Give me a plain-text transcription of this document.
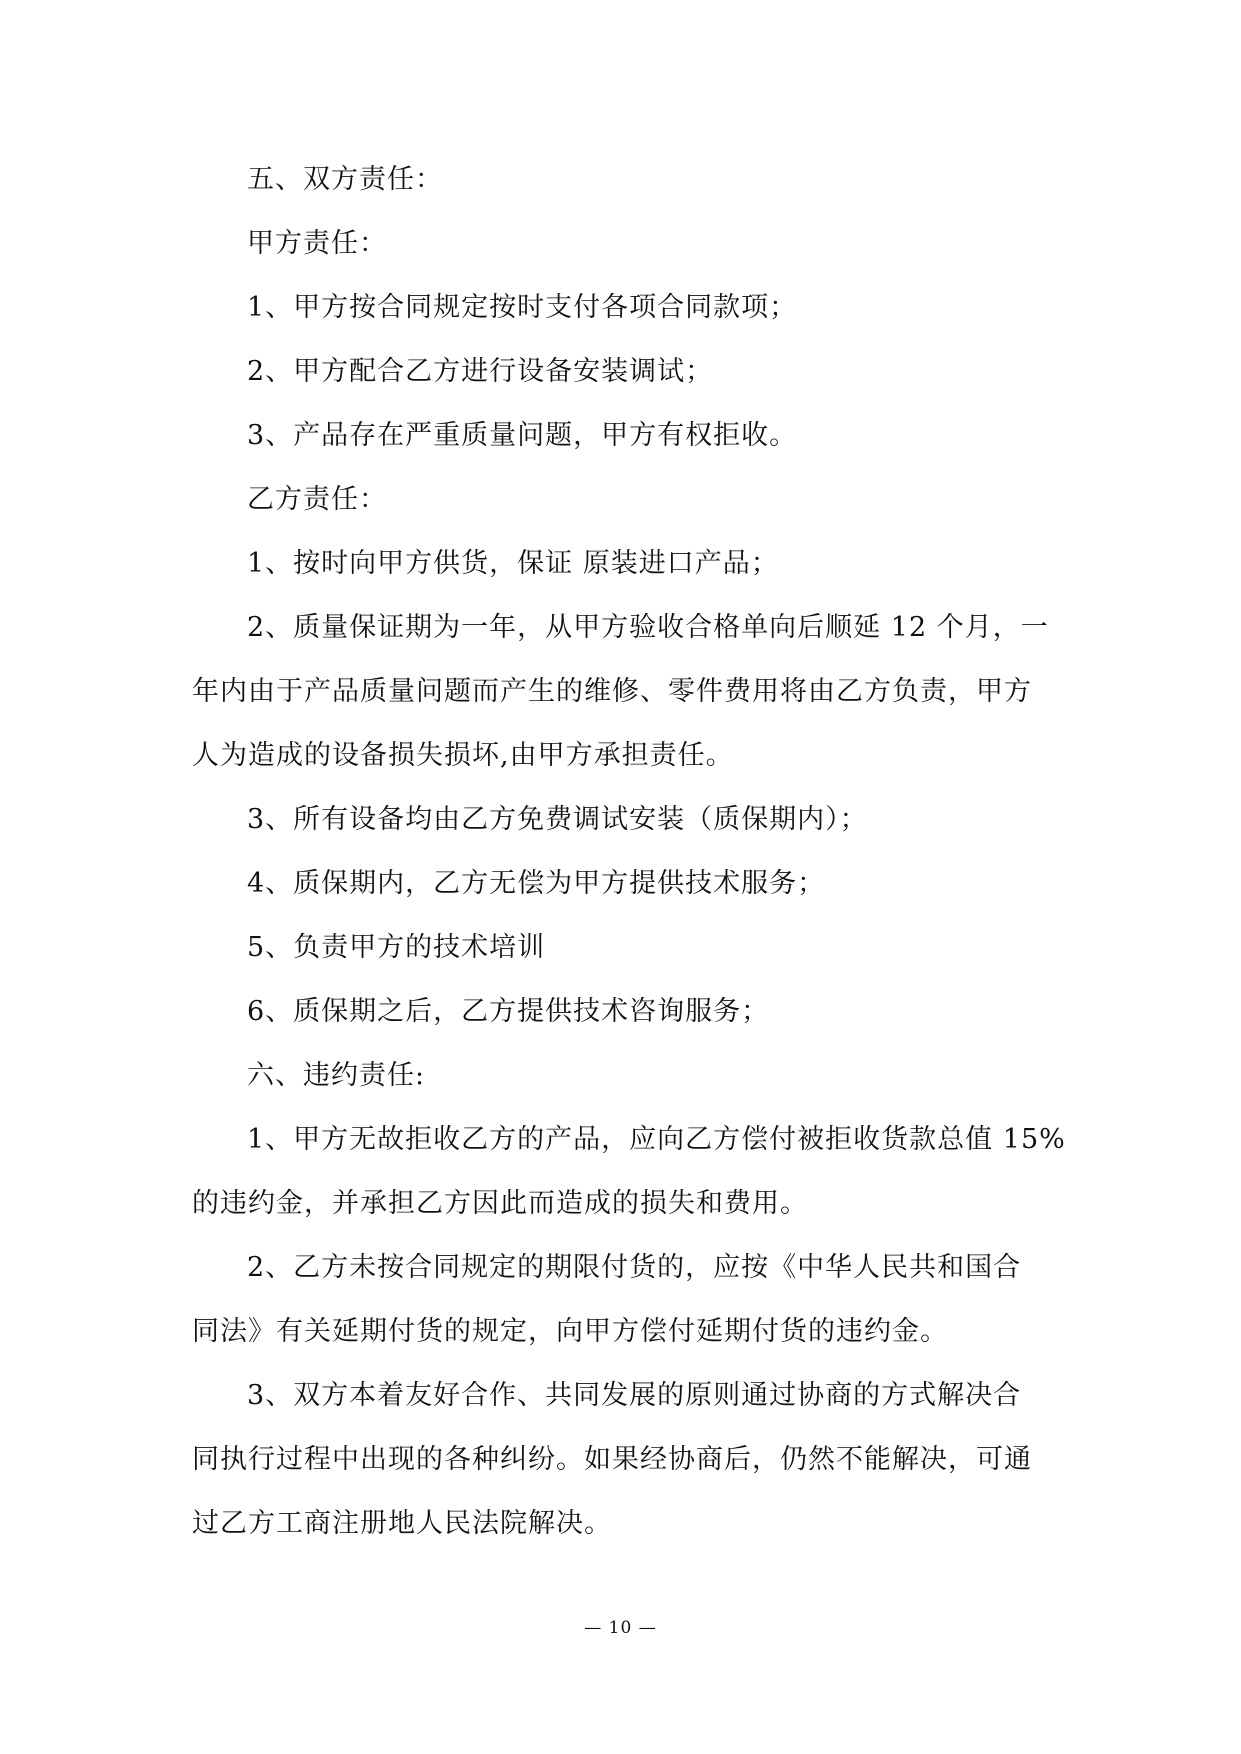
五、双方责任：

甲方责任：

1、甲方按合同规定按时支付各项合同款项；

2、甲方配合乙方进行设备安装调试；

3、产品存在严重质量问题，甲方有权拒收。

乙方责任：

1、按时向甲方供货，保证 原装进口产品；

2、质量保证期为一年，从甲方验收合格单向后顺延 12 个月，一
年内由于产品质量问题而产生的维修、零件费用将由乙方负责，甲方
人为造成的设备损失损坏,由甲方承担责任。

3、所有设备均由乙方免费调试安装（质保期内）；

4、质保期内，乙方无偿为甲方提供技术服务；

5、负责甲方的技术培训

6、质保期之后，乙方提供技术咨询服务；

六、违约责任:

1、甲方无故拒收乙方的产品，应向乙方偿付被拒收货款总值 15%
的违约金，并承担乙方因此而造成的损失和费用。

2、乙方未按合同规定的期限付货的，应按《中华人民共和国合
同法》有关延期付货的规定，向甲方偿付延期付货的违约金。

3、双方本着友好合作、共同发展的原则通过协商的方式解决合
同执行过程中出现的各种纠纷。如果经协商后，仍然不能解决，可通
过乙方工商注册地人民法院解决。

— 10 —
